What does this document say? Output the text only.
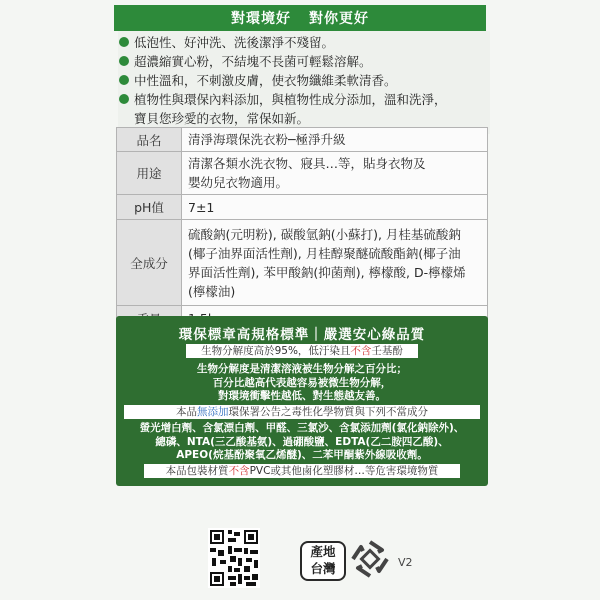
對環境好 對你更好
低泡性、好沖洗、洗後潔淨不殘留。
超濃縮實心粉，不結塊不長菌可輕鬆溶解。
中性溫和，不刺激皮膚，使衣物纖維柔軟清香。
植物性與環保內料添加，與植物性成分添加，溫和洗淨，
寶貝您珍愛的衣物，常保如新。
品名	清淨海環保洗衣粉─極淨升級
用途	清潔各類水洗衣物、寢具…等，貼身衣物及
嬰幼兒衣物適用。

pH值	7±1
全成分	硫酸鈉(元明粉), 碳酸氫鈉(小蘇打), 月桂基硫酸鈉
(椰子油界面活性劑), 月桂醇聚醚硫酸酯鈉(椰子油
界面活性劑), 苯甲酸鈉(抑菌劑), 檸檬酸, D-檸檬烯
(檸檬油)

環保標章高規格標準｜嚴選安心綠品質
生物分解度高於95%，低汙染且不含壬基酚
生物分解度是清潔溶液被生物分解之百分比；
百分比越高代表越容易被微生物分解，
對環境衝擊性越低、對生態越友善。
本品無添加環保署公告之毒性化學物質與下列不當成分
螢光增白劑、含氯漂白劑、甲醛、三氯沙、含氯添加劑(氯化鈉除外)、
總磷、NTA(三乙酸基氨)、過硼酸鹽、EDTA(乙二胺四乙酸)、
APEO(烷基酚聚氧乙烯醚)、二苯甲酮紫外線吸收劑。
本品包裝材質不含PVC或其他鹵化塑膠材…等危害環境物質
產地
台灣	V2
